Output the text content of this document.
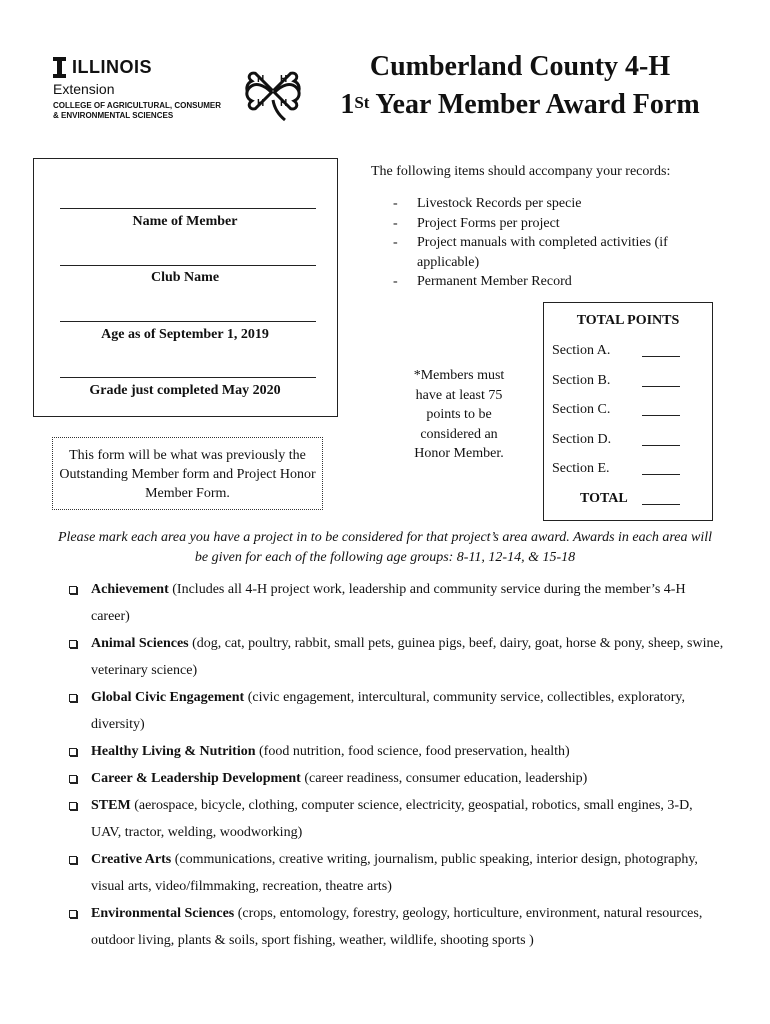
ILLINOIS
Extension
COLLEGE OF AGRICULTURAL, CONSUMER
& ENVIRONMENTAL SCIENCES
H H
H H
Cumberland County 4-H
1St Year Member Award Form
Name of Member
Club Name
Age as of September 1, 2019
Grade just completed May 2020
This form will be what was previously the Outstanding Member form and Project Honor Member Form.
The following items should accompany your records:
- Livestock Records per specie
- Project Forms per project
- Project manuals with completed activities (if applicable)
- Permanent Member Record
*Members must have at least 75 points to be considered an Honor Member.
TOTAL POINTS
Section A.
Section B.
Section C.
Section D.
Section E.
TOTAL
Please mark each area you have a project in to be considered for that project’s area award. Awards in each area will be given for each of the following age groups: 8-11, 12-14, & 15-18
Achievement (Includes all 4-H project work, leadership and community service during the member’s 4-H career)
Animal Sciences (dog, cat, poultry, rabbit, small pets, guinea pigs, beef, dairy, goat, horse & pony, sheep, swine, veterinary science)
Global Civic Engagement (civic engagement, intercultural, community service, collectibles, exploratory, diversity)
Healthy Living & Nutrition (food nutrition, food science, food preservation, health)
Career & Leadership Development (career readiness, consumer education, leadership)
STEM (aerospace, bicycle, clothing, computer science, electricity, geospatial, robotics, small engines, 3-D, UAV, tractor, welding, woodworking)
Creative Arts (communications, creative writing, journalism, public speaking, interior design, photography, visual arts, video/filmmaking, recreation, theatre arts)
Environmental Sciences (crops, entomology, forestry, geology, horticulture, environment, natural resources, outdoor living, plants & soils, sport fishing, weather, wildlife, shooting sports )
